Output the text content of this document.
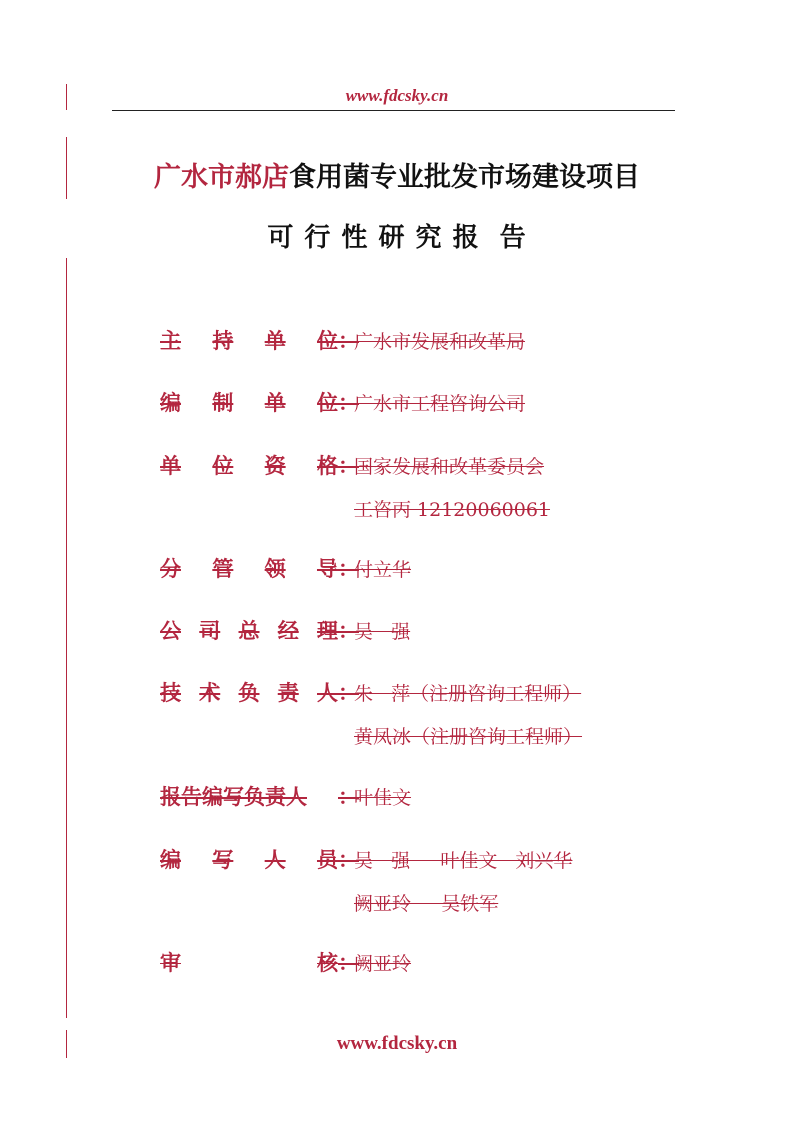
www.fdcsky.cn
广水市郝店食用菌专业批发市场建设项目
可 行 性 研 究 报  告
主 持 单 位 ：
广水市发展和改革局
编 制 单 位 ：
广水市工程咨询公司
单 位 资 格 ：
国家发展和改革委员会
工咨丙 12120060061
分 管 领 导 ：
付立华
公 司 总 经 理 ：
吴   强
技 术 负 责 人 ：
朱   萍（注册咨询工程师）
黄凤冰（注册咨询工程师）
报告编写负责人 ：
叶佳文
编 写 人 员 ：
吴   强     叶佳文   刘兴华
阙亚玲     吴铁军
审	核 ：
阙亚玲
www.fdcsky.cn
